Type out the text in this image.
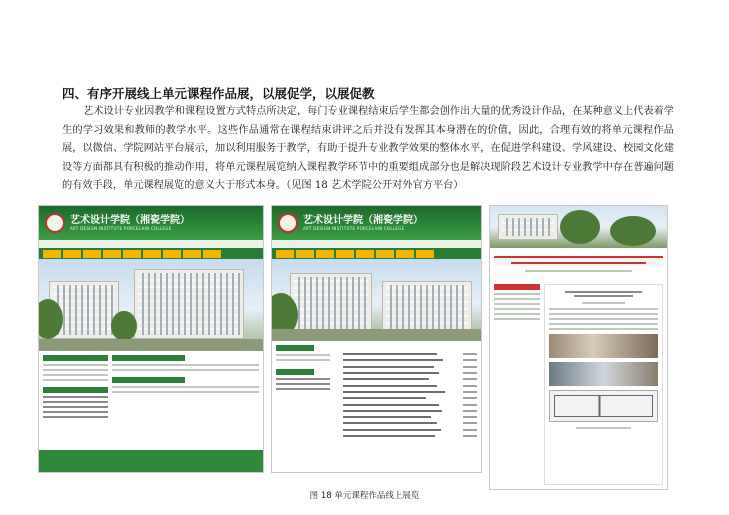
四、有序开展线上单元课程作品展，以展促学，以展促教

艺术设计专业因教学和课程设置方式特点所决定，每门专业课程结束后学生都会创作出大量的优秀设计作品，在某种意义上代表着学生的学习效果和教师的教学水平。这些作品通常在课程结束讲评之后并没有发挥其本身潜在的价值，因此，合理有效的将单元课程作品展，以微信、学院网站平台展示，加以利用服务于教学，有助于提升专业教学效果的整体水平，在促进学科建设、学风建设、校园文化建设等方面都具有积极的推动作用，将单元课程展览纳入课程教学环节中的重要组成部分也是解决现阶段艺术设计专业教学中存在普遍问题的有效手段，单元课程展览的意义大于形式本身。（见图 18 艺术学院公开对外官方平台）

艺术设计学院（湘瓷学院）
ART DESIGN INSTITUTE PORCELAIN COLLEGE
艺术设计学院（湘瓷学院）
ART DESIGN INSTITUTE PORCELAIN COLLEGE
图 18 单元课程作品线上展览
